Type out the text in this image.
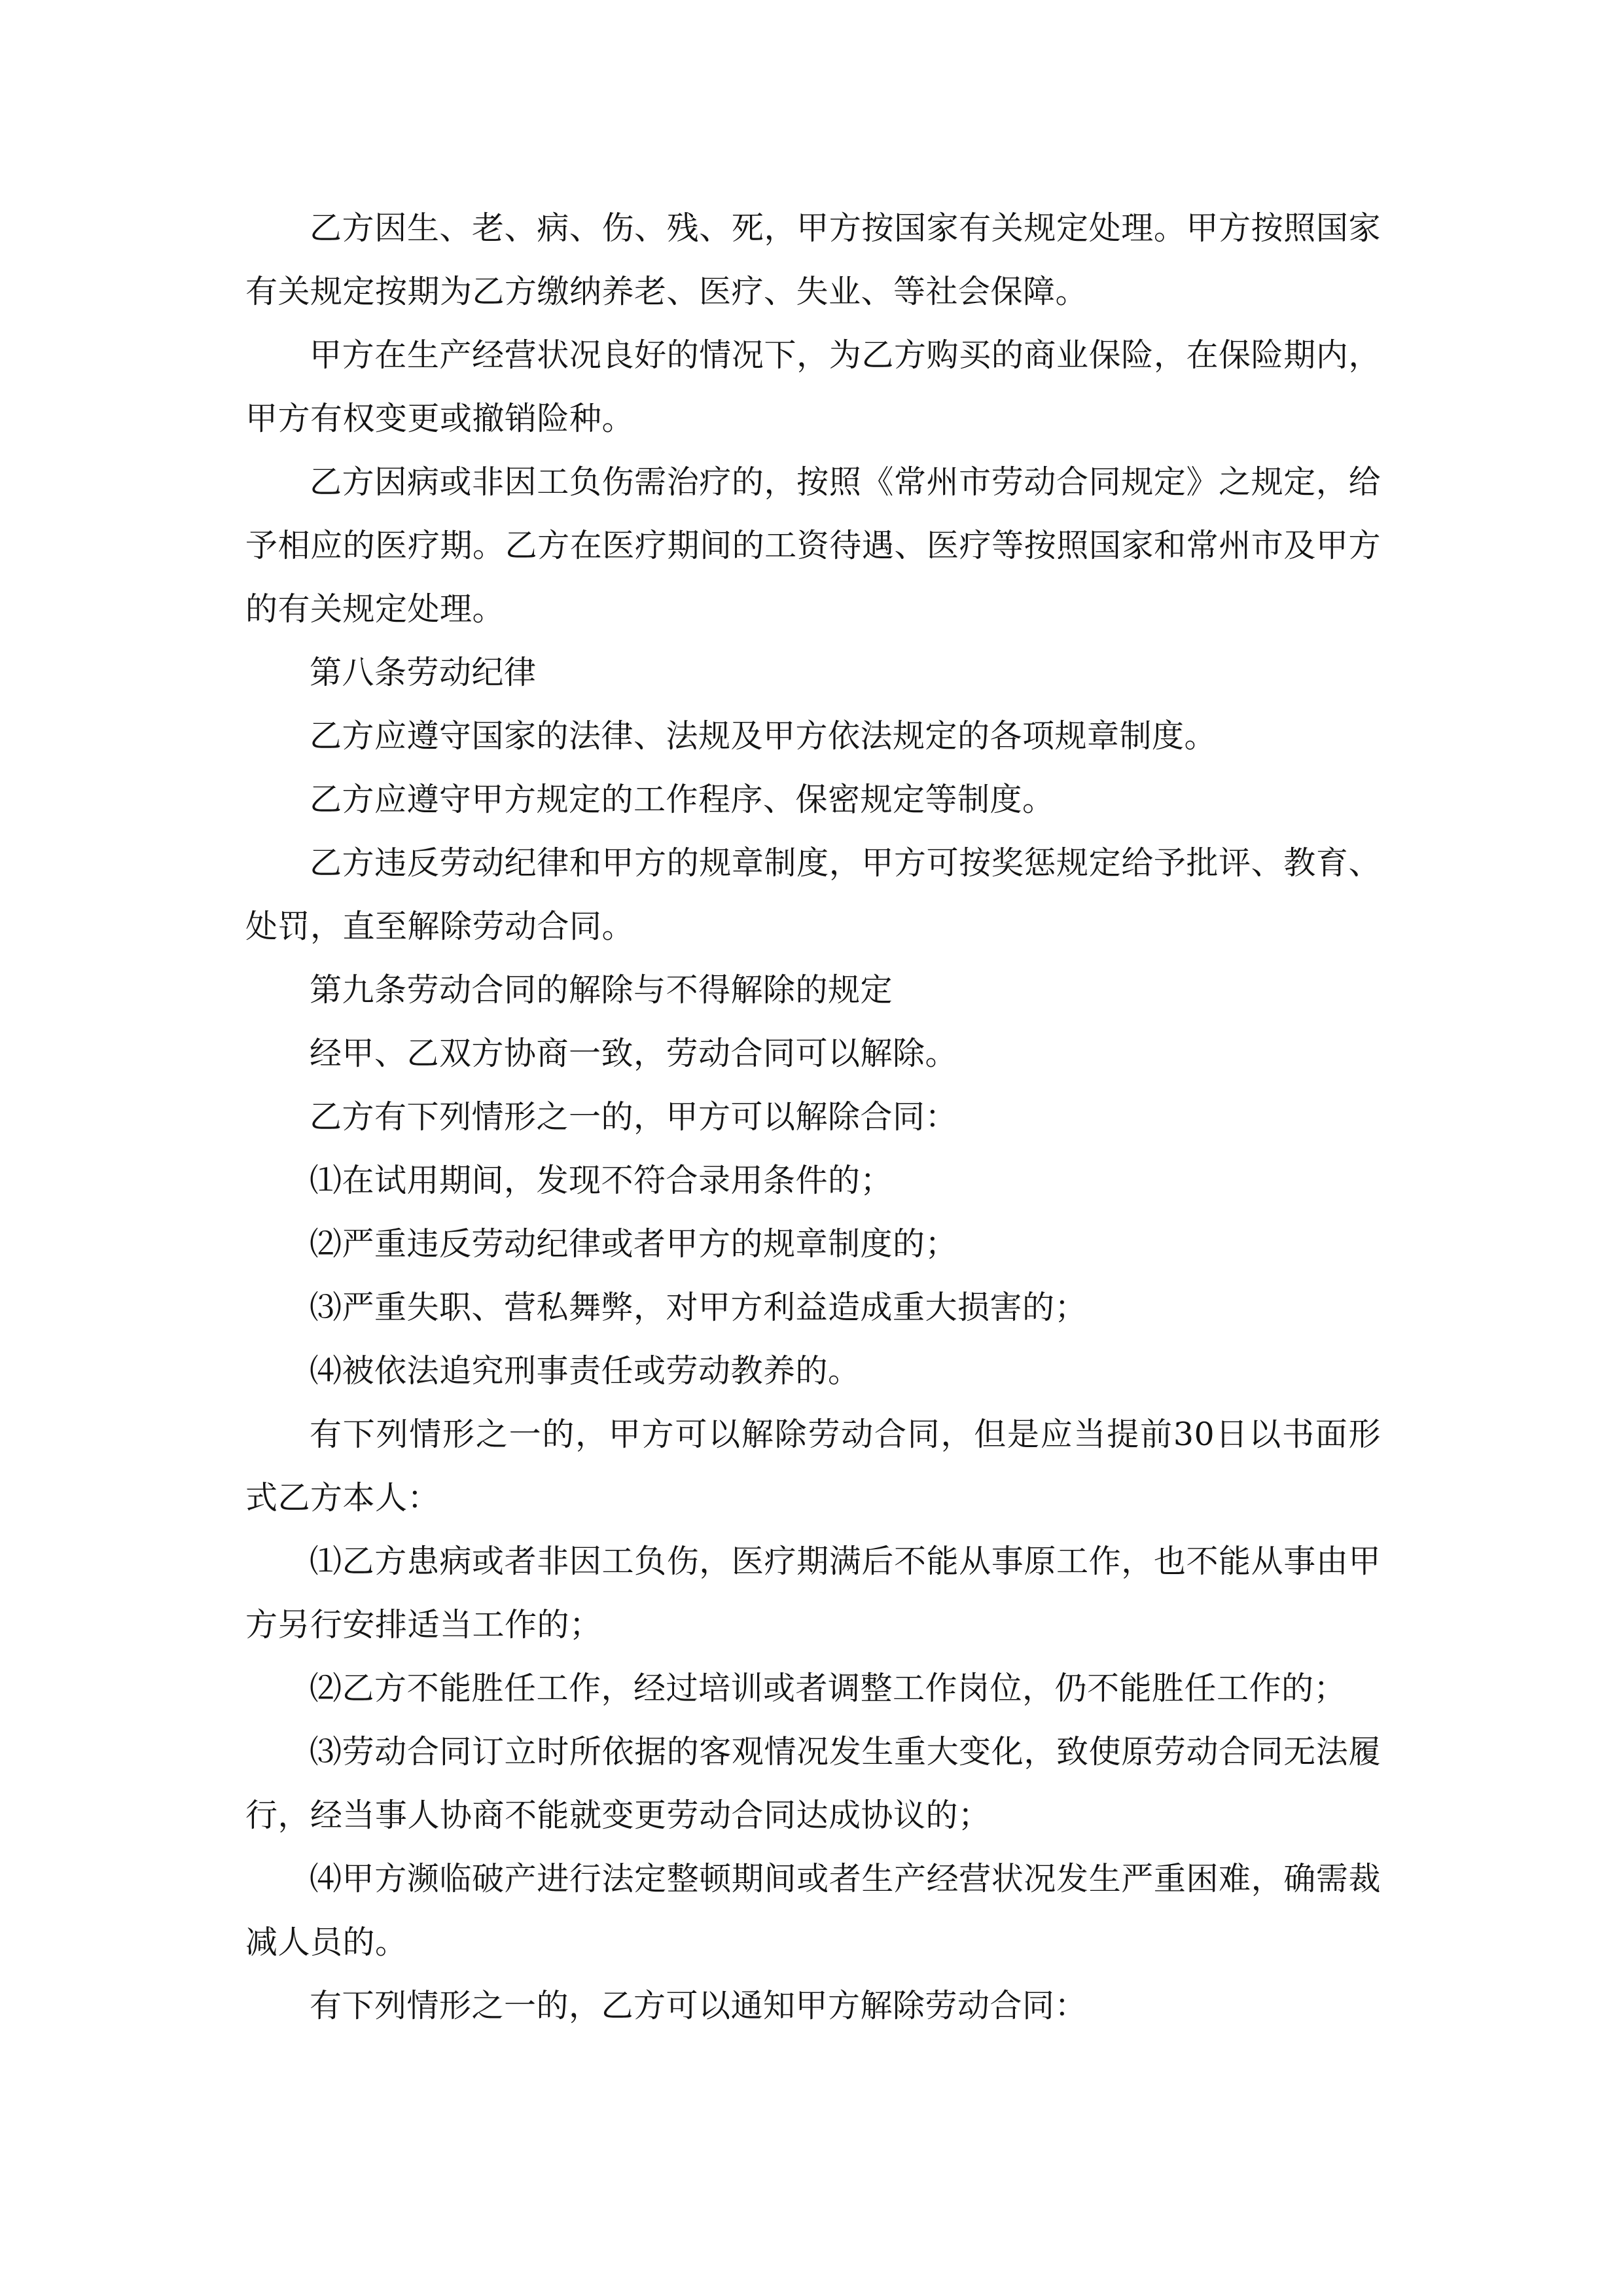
乙方因生、老、病、伤、残、死，甲方按国家有关规定处理。甲方按照国家有关规定按期为乙方缴纳养老、医疗、失业、等社会保障。

甲方在生产经营状况良好的情况下，为乙方购买的商业保险，在保险期内，甲方有权变更或撤销险种。

乙方因病或非因工负伤需治疗的，按照《常州市劳动合同规定》之规定，给予相应的医疗期。乙方在医疗期间的工资待遇、医疗等按照国家和常州市及甲方的有关规定处理。

第八条劳动纪律

乙方应遵守国家的法律、法规及甲方依法规定的各项规章制度。

乙方应遵守甲方规定的工作程序、保密规定等制度。

乙方违反劳动纪律和甲方的规章制度，甲方可按奖惩规定给予批评、教育、处罚，直至解除劳动合同。

第九条劳动合同的解除与不得解除的规定

经甲、乙双方协商一致，劳动合同可以解除。

乙方有下列情形之一的，甲方可以解除合同：

⑴在试用期间，发现不符合录用条件的；

⑵严重违反劳动纪律或者甲方的规章制度的；

⑶严重失职、营私舞弊，对甲方利益造成重大损害的；

⑷被依法追究刑事责任或劳动教养的。

有下列情形之一的，甲方可以解除劳动合同，但是应当提前30日以书面形式乙方本人：

⑴乙方患病或者非因工负伤，医疗期满后不能从事原工作，也不能从事由甲方另行安排适当工作的；

⑵乙方不能胜任工作，经过培训或者调整工作岗位，仍不能胜任工作的；

⑶劳动合同订立时所依据的客观情况发生重大变化，致使原劳动合同无法履行，经当事人协商不能就变更劳动合同达成协议的；

⑷甲方濒临破产进行法定整顿期间或者生产经营状况发生严重困难，确需裁减人员的。

有下列情形之一的，乙方可以通知甲方解除劳动合同：
